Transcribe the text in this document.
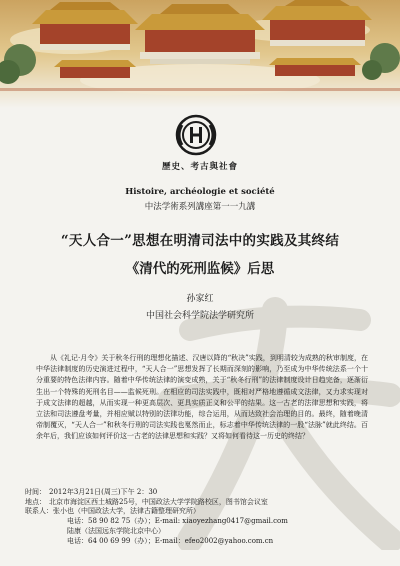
歷史、考古與社會
Histoire, archéologie et société
中法学術系列講座第一一九講
“天人合一”思想在明清司法中的实践及其终结
《清代的死刑监候》后思
孙家红
中国社会科学院法学研究所
从《礼记·月令》关于秋冬行刑的理想化描述、汉唐以降的“秋决”实践，到明清较为成熟的秋审制度，在中华法律制度的历史演进过程中，“天人合一”思想发挥了长期而深刻的影响，乃至成为中华传统法系一个十分重要的特色法律内容。随着中华传统法律的演变成熟，关于“秋冬行刑”的法律制度设计日趋完备，逐渐衍生出一个特殊的死刑名目——监候死刑。在相应的司法实践中，既相对严格地遵循成文法律，又力求实现对于成文法律的超越，从而实现一种更高层次、更具实质正义和公平的结果。这一古老的法律思想和实践，将立法和司法遵盘考量，并相应赋以特别的法律功能，综合运用，从而达致社会治理的目的。最终，随着晚清帝制覆灭，“天人合一”和秋冬行刑的司法实践也戛然而止，标志着中华传统法律的一股“法脉”就此终结。百余年后，我们应该如何评价这一古老的法律思想和实践？又将如何看待这一历史的终结？
时间： 2012年3月21日(周三)下午 2：30
地点： 北京市海淀区西土城路25号，中国政法大学学院路校区，图书馆会议室
联系人：张小也（中国政法大学，法律古籍整理研究所）
电话：58 90 82 75（办）；E-mail: xiaoyezhang0417@gmail.com
陆康（法国远东学院北京中心）
电话：64 00 69 99（办）；E-mail：efeo2002@yahoo.com.cn
